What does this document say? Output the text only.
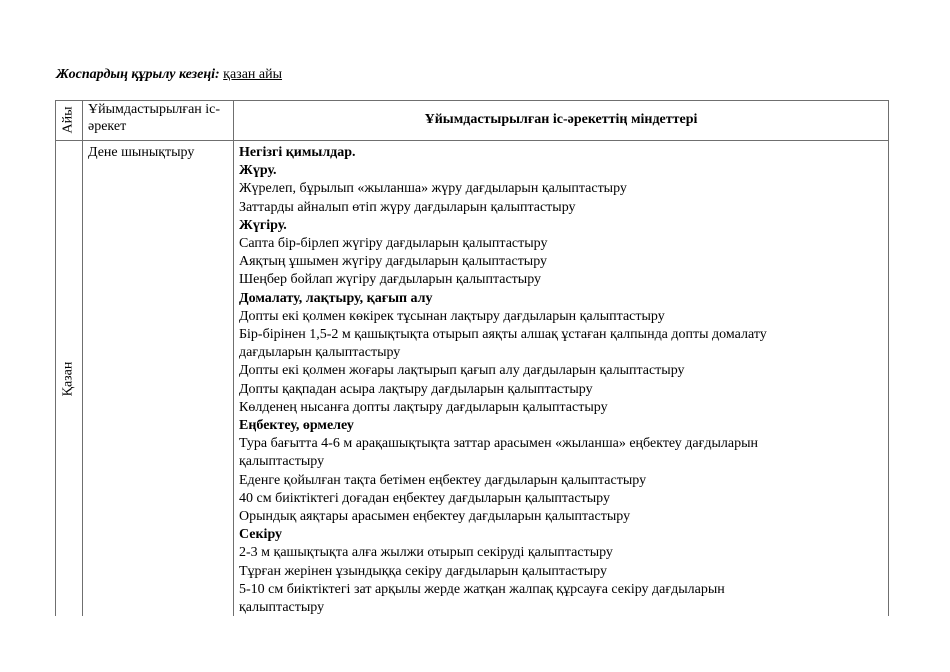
Жоспардың құрылу кезеңі: қазан айы
Айы Ұйымдастырылған іс-әрекет	Ұйымдастырылған іс-әрекеттің міндеттері
Қазан
Дене шынықтыру	Негізгі қимылдар.
Жүру.
Жүрелеп, бұрылып «жыланша» жүру дағдыларын қалыптастыру
Заттарды айналып өтіп жүру дағдыларын қалыптастыру
Жүгіру.
Сапта бір-бірлеп жүгіру дағдыларын қалыптастыру
Аяқтың ұшымен жүгіру дағдыларын қалыптастыру
Шеңбер бойлап жүгіру дағдыларын қалыптастыру
Домалату, лақтыру, қағып алу
Допты екі қолмен көкірек тұсынан лақтыру дағдыларын қалыптастыру
Бір-бірінен 1,5-2 м қашықтықта отырып аяқты алшақ ұстаған қалпында допты домалату
дағдыларын қалыптастыру
Допты екі қолмен жоғары лақтырып қағып алу дағдыларын қалыптастыру
Допты қақпадан асыра лақтыру дағдыларын қалыптастыру
Көлденең нысанға допты лақтыру дағдыларын қалыптастыру
Еңбектеу, өрмелеу
Тура бағытта 4-6 м арақашықтықта заттар арасымен «жыланша» еңбектеу дағдыларын
қалыптастыру
Еденге қойылған тақта бетімен еңбектеу дағдыларын қалыптастыру
40 см биіктіктегі доғадан еңбектеу дағдыларын қалыптастыру
Орындық аяқтары арасымен еңбектеу дағдыларын қалыптастыру
Секіру
2-3 м қашықтықта алға жылжи отырып секіруді қалыптастыру
Тұрған жерінен ұзындыққа секіру дағдыларын қалыптастыру
5-10 см биіктіктегі зат арқылы жерде жатқан жалпақ құрсауға секіру дағдыларын
қалыптастыру
